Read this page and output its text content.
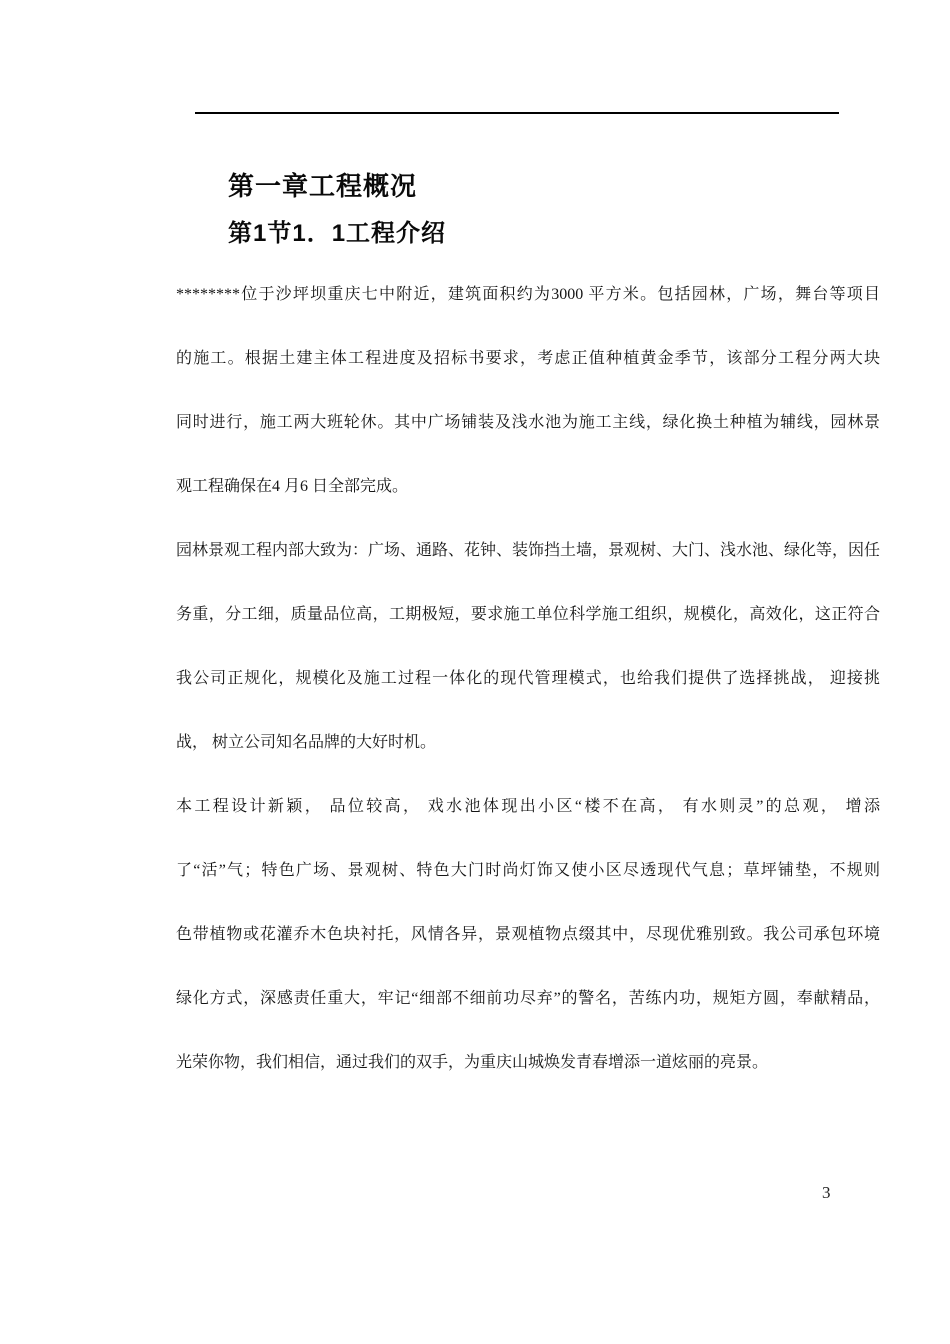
第一章工程概况
第1节1．1工程介绍
********位于沙坪坝重庆七中附近，建筑面积约为3000 平方米。包括园林，广场，舞台等项目
的施工。根据土建主体工程进度及招标书要求，考虑正值种植黄金季节，该部分工程分两大块
同时进行，施工两大班轮休。其中广场铺装及浅水池为施工主线，绿化换土种植为辅线，园林景
观工程确保在4 月6 日全部完成。
园林景观工程内部大致为：广场、通路、花钟、装饰挡土墙，景观树、大门、浅水池、绿化等，因任
务重，分工细，质量品位高，工期极短，要求施工单位科学施工组织，规模化，高效化，这正符合
我公司正规化，规模化及施工过程一体化的现代管理模式，也给我们提供了选择挑战， 迎接挑
战， 树立公司知名品牌的大好时机。
本工程设计新颖， 品位较高， 戏水池体现出小区“楼不在高， 有水则灵”的总观， 增添
了“活”气；特色广场、景观树、特色大门时尚灯饰又使小区尽透现代气息；草坪铺垫，不规则
色带植物或花灌乔木色块衬托，风情各异，景观植物点缀其中，尽现优雅别致。我公司承包环境
绿化方式，深感责任重大，牢记“细部不细前功尽弃”的警名，苦练内功，规矩方圆，奉献精品，
光荣你物，我们相信，通过我们的双手，为重庆山城焕发青春增添一道炫丽的亮景。
3
